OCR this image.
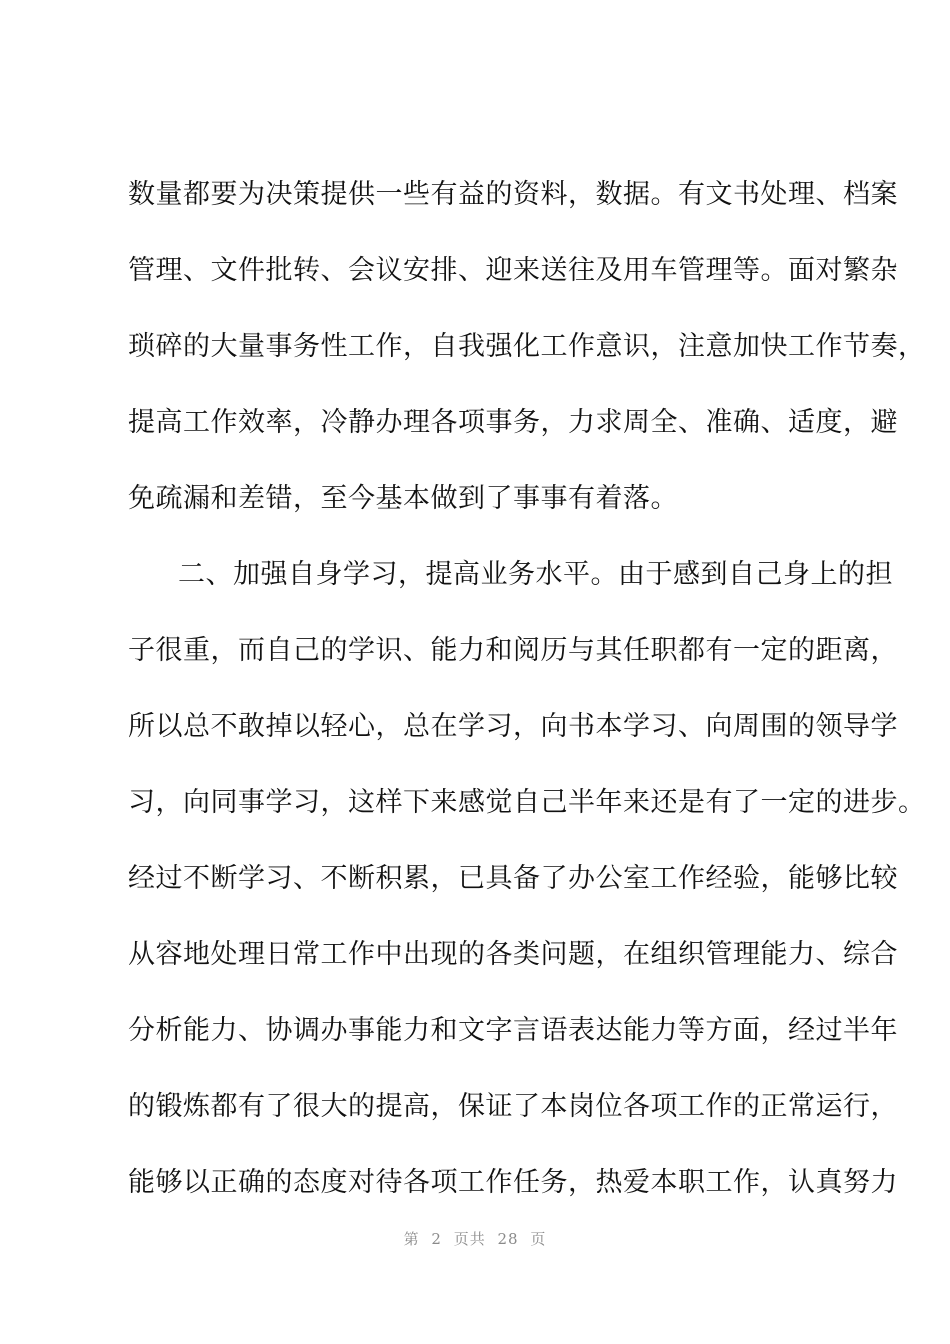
数量都要为决策提供一些有益的资料，数据。有文书处理、档案
管理、文件批转、会议安排、迎来送往及用车管理等。面对繁杂
琐碎的大量事务性工作，自我强化工作意识，注意加快工作节奏，
提高工作效率，冷静办理各项事务，力求周全、准确、适度，避
免疏漏和差错，至今基本做到了事事有着落。
二、加强自身学习，提高业务水平。由于感到自己身上的担
子很重，而自己的学识、能力和阅历与其任职都有一定的距离，
所以总不敢掉以轻心，总在学习，向书本学习、向周围的领导学
习，向同事学习，这样下来感觉自己半年来还是有了一定的进步。
经过不断学习、不断积累，已具备了办公室工作经验，能够比较
从容地处理日常工作中出现的各类问题，在组织管理能力、综合
分析能力、协调办事能力和文字言语表达能力等方面，经过半年
的锻炼都有了很大的提高，保证了本岗位各项工作的正常运行，
能够以正确的态度对待各项工作任务，热爱本职工作，认真努力
第 2 页共 28 页
